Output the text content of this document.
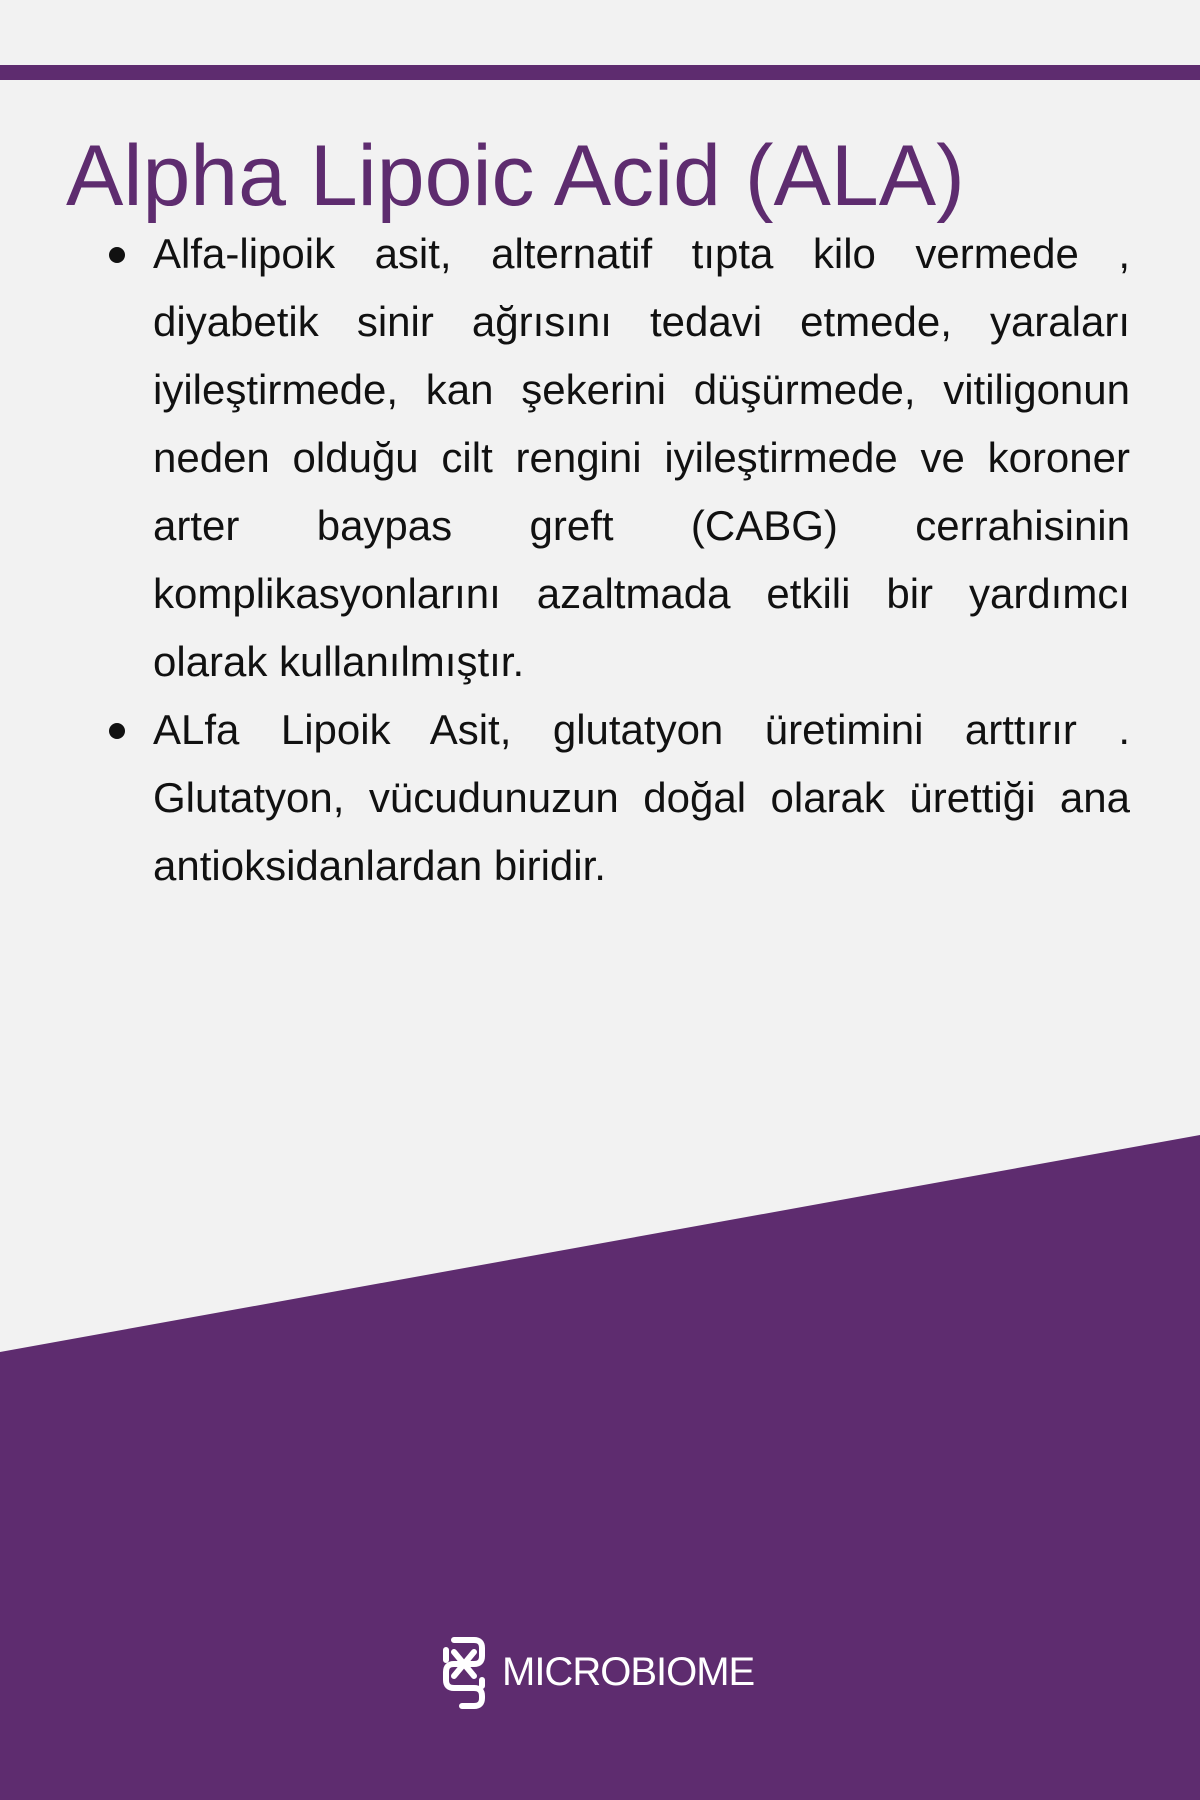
Alpha Lipoic Acid (ALA)
Alfa-lipoik asit, alternatif tıpta kilo vermede , diyabetik sinir ağrısını tedavi etmede, yaraları iyileştirmede, kan şekerini düşürmede, vitiligonun neden olduğu cilt rengini iyileştirmede ve koroner arter baypas greft (CABG) cerrahisinin komplikasyonlarını azaltmada etkili bir yardımcı olarak kullanılmıştır.
ALfa Lipoik Asit, glutatyon üretimini arttırır . Glutatyon, vücudunuzun doğal olarak ürettiği ana antioksidanlardan biridir.
MICROBIOME
